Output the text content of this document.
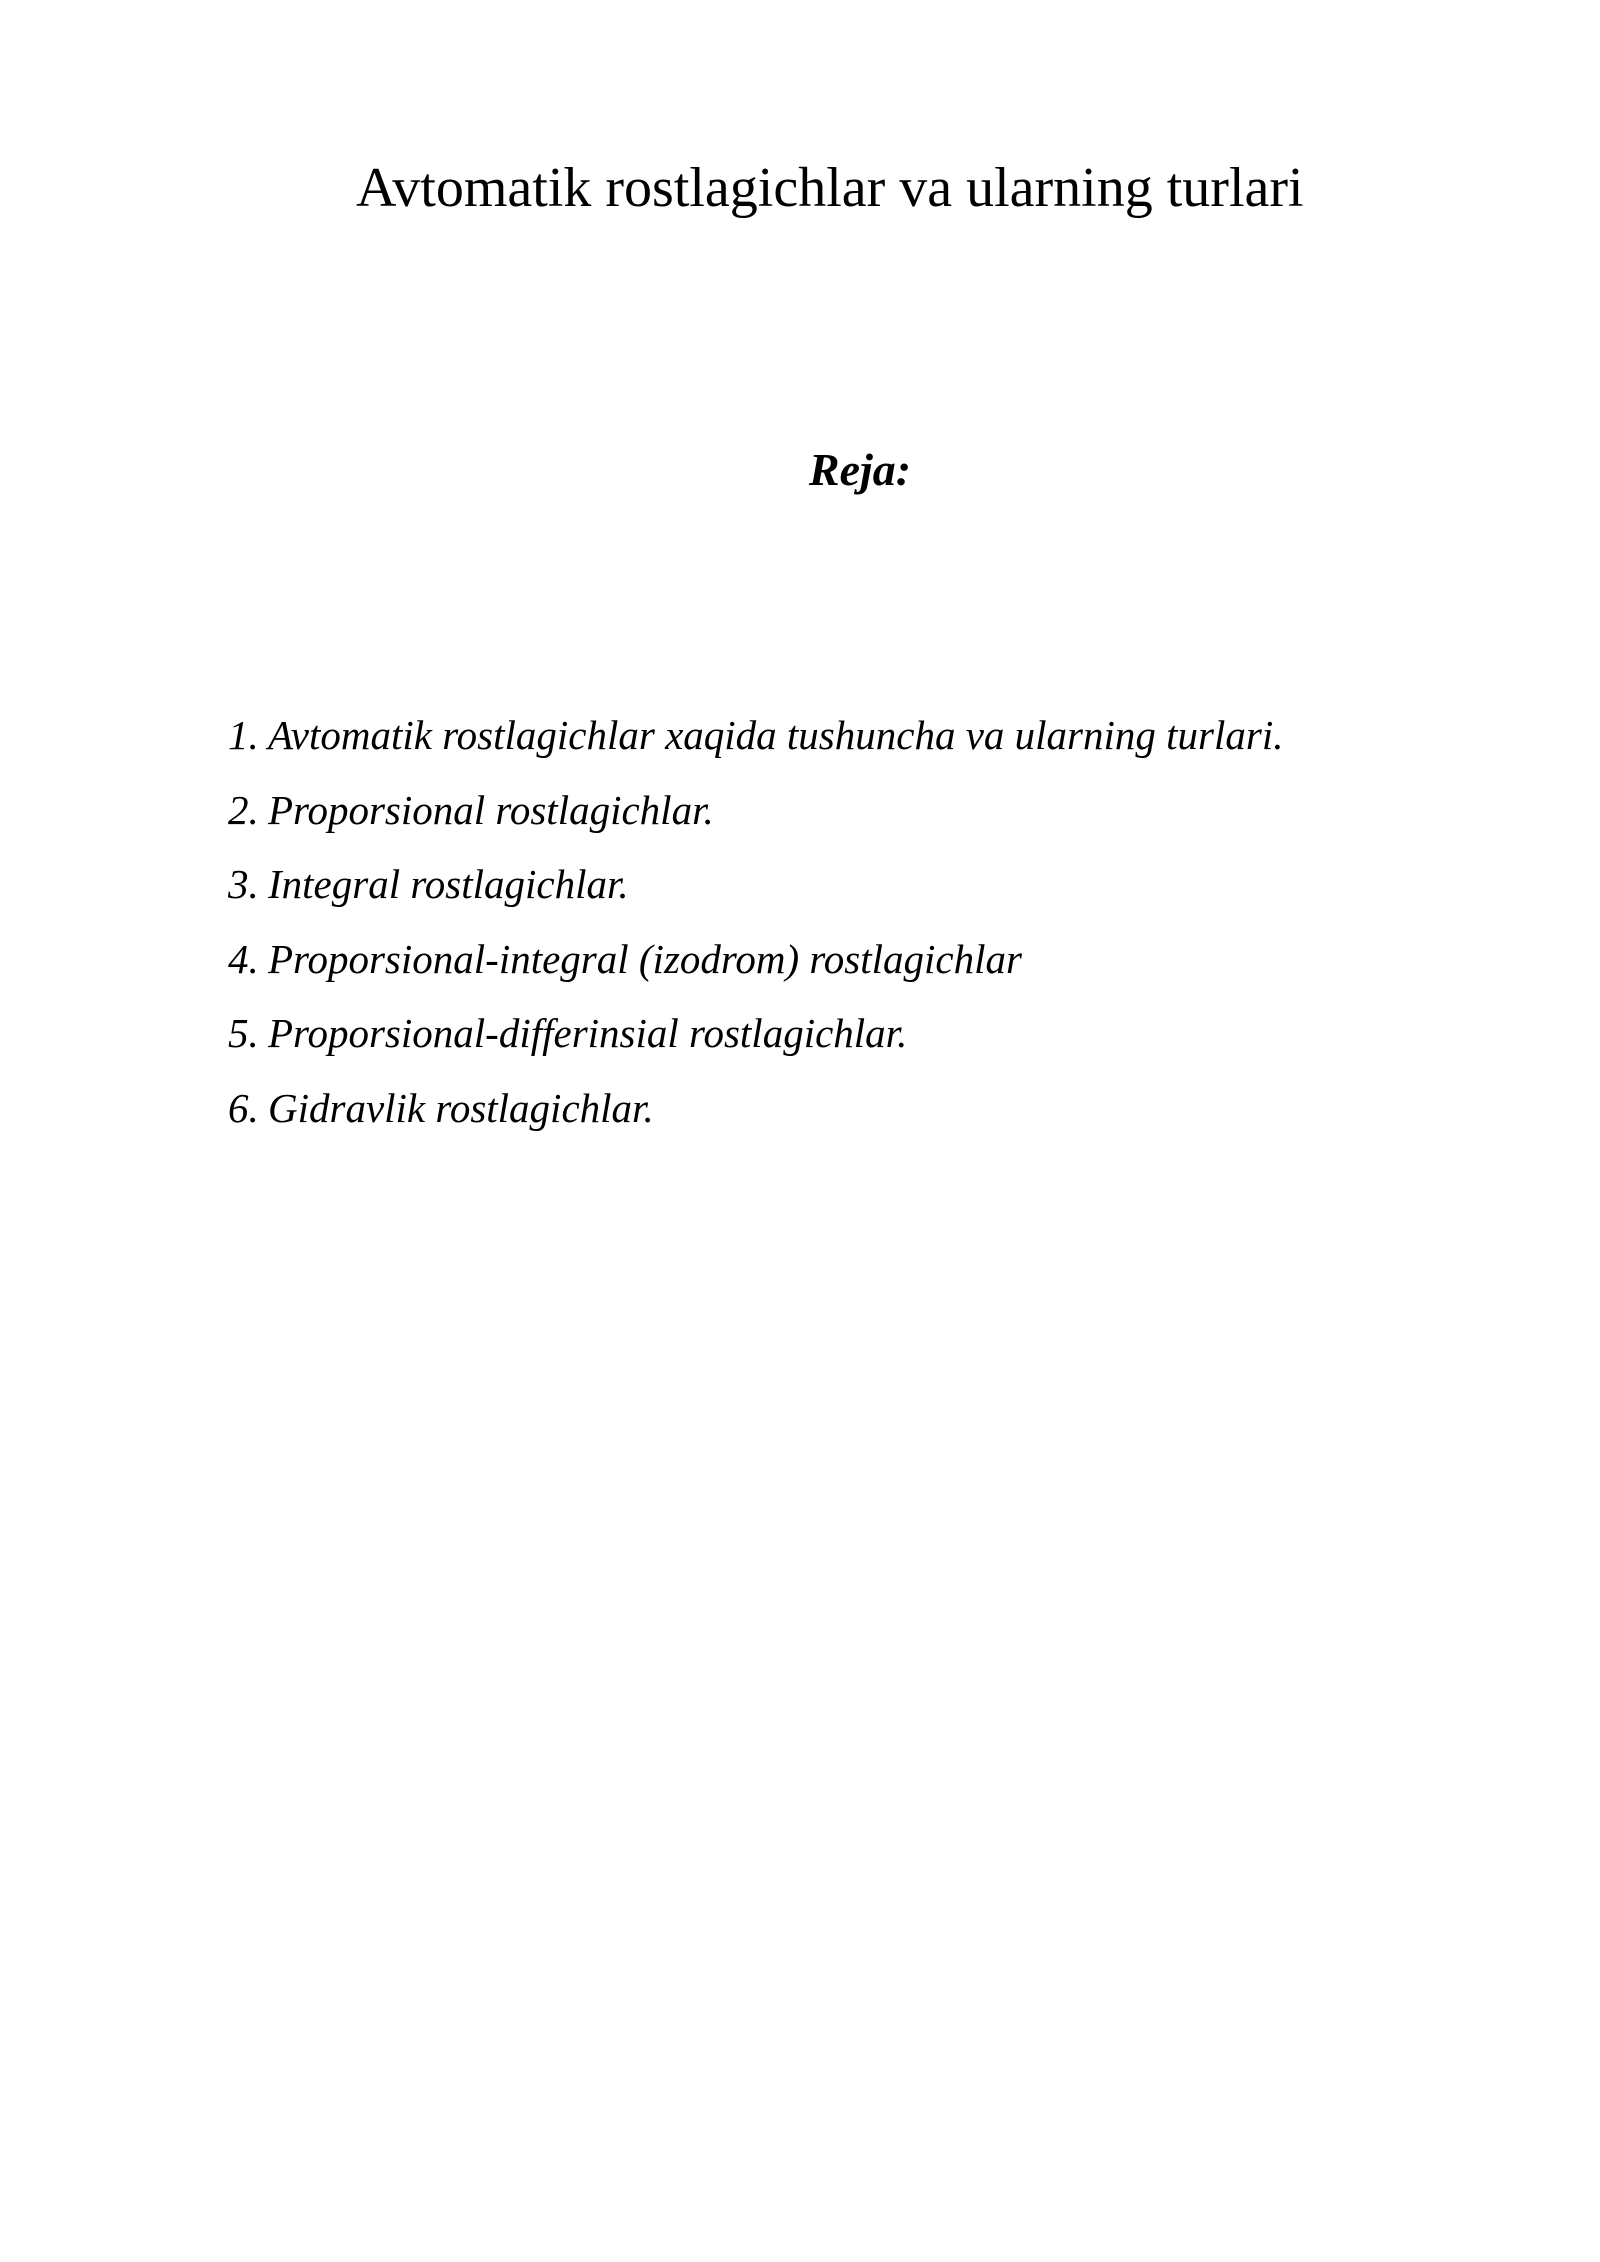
Avtomatik rostlagichlar va ularning turlari
Reja:
1. Avtomatik rostlagichlar xaqida tushuncha va ularning turlari.
2. Proporsional rostlagichlar.
3. Integral rostlagichlar.
4. Proporsional-integral (izodrom) rostlagichlar
5. Proporsional-differinsial rostlagichlar.
6. Gidravlik rostlagichlar.
